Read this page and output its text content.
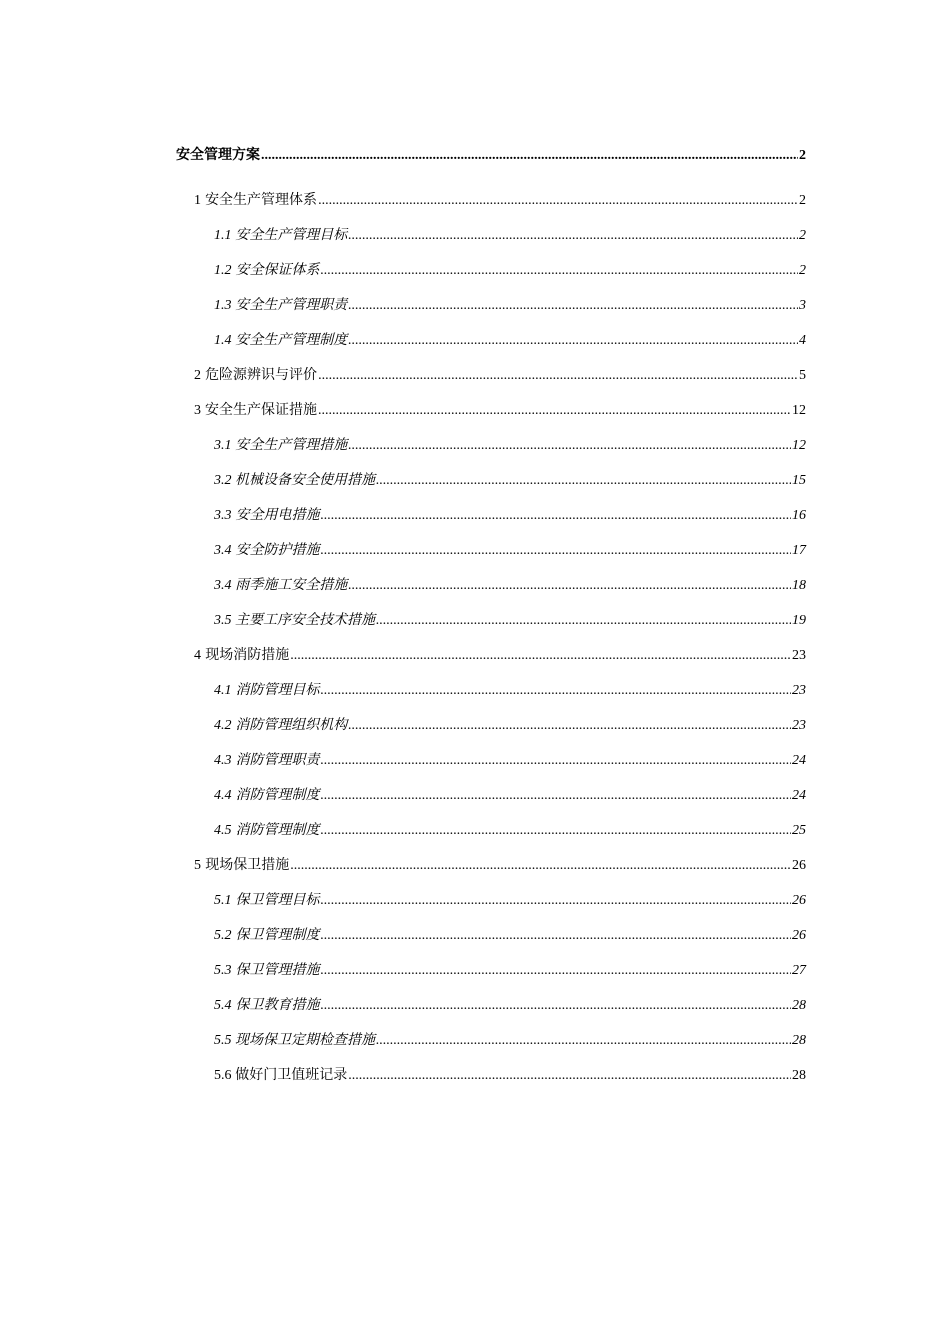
安全管理方案 .....	2
1 安全生产管理体系 .....	2
1.1 安全生产管理目标 .....	2
1.2 安全保证体系 .....	2
1.3 安全生产管理职责 .....	3
1.4 安全生产管理制度 .....	4
2 危险源辨识与评价 .....	5
3 安全生产保证措施 .....	12
3.1 安全生产管理措施 .....	12
3.2 机械设备安全使用措施 .....	15
3.3 安全用电措施 .....	16
3.4 安全防护措施 .....	17
3.4 雨季施工安全措施 .....	18
3.5 主要工序安全技术措施 .....	19
4 现场消防措施 .....	23
4.1 消防管理目标 .....	23
4.2 消防管理组织机构 .....	23
4.3 消防管理职责 .....	24
4.4 消防管理制度 .....	24
4.5 消防管理制度 .....	25
5 现场保卫措施 .....	26
5.1 保卫管理目标 .....	26
5.2 保卫管理制度 .....	26
5.3 保卫管理措施 .....	27
5.4 保卫教育措施 .....	28
5.5 现场保卫定期检查措施 .....	28
5.6 做好门卫值班记录 .....	28
